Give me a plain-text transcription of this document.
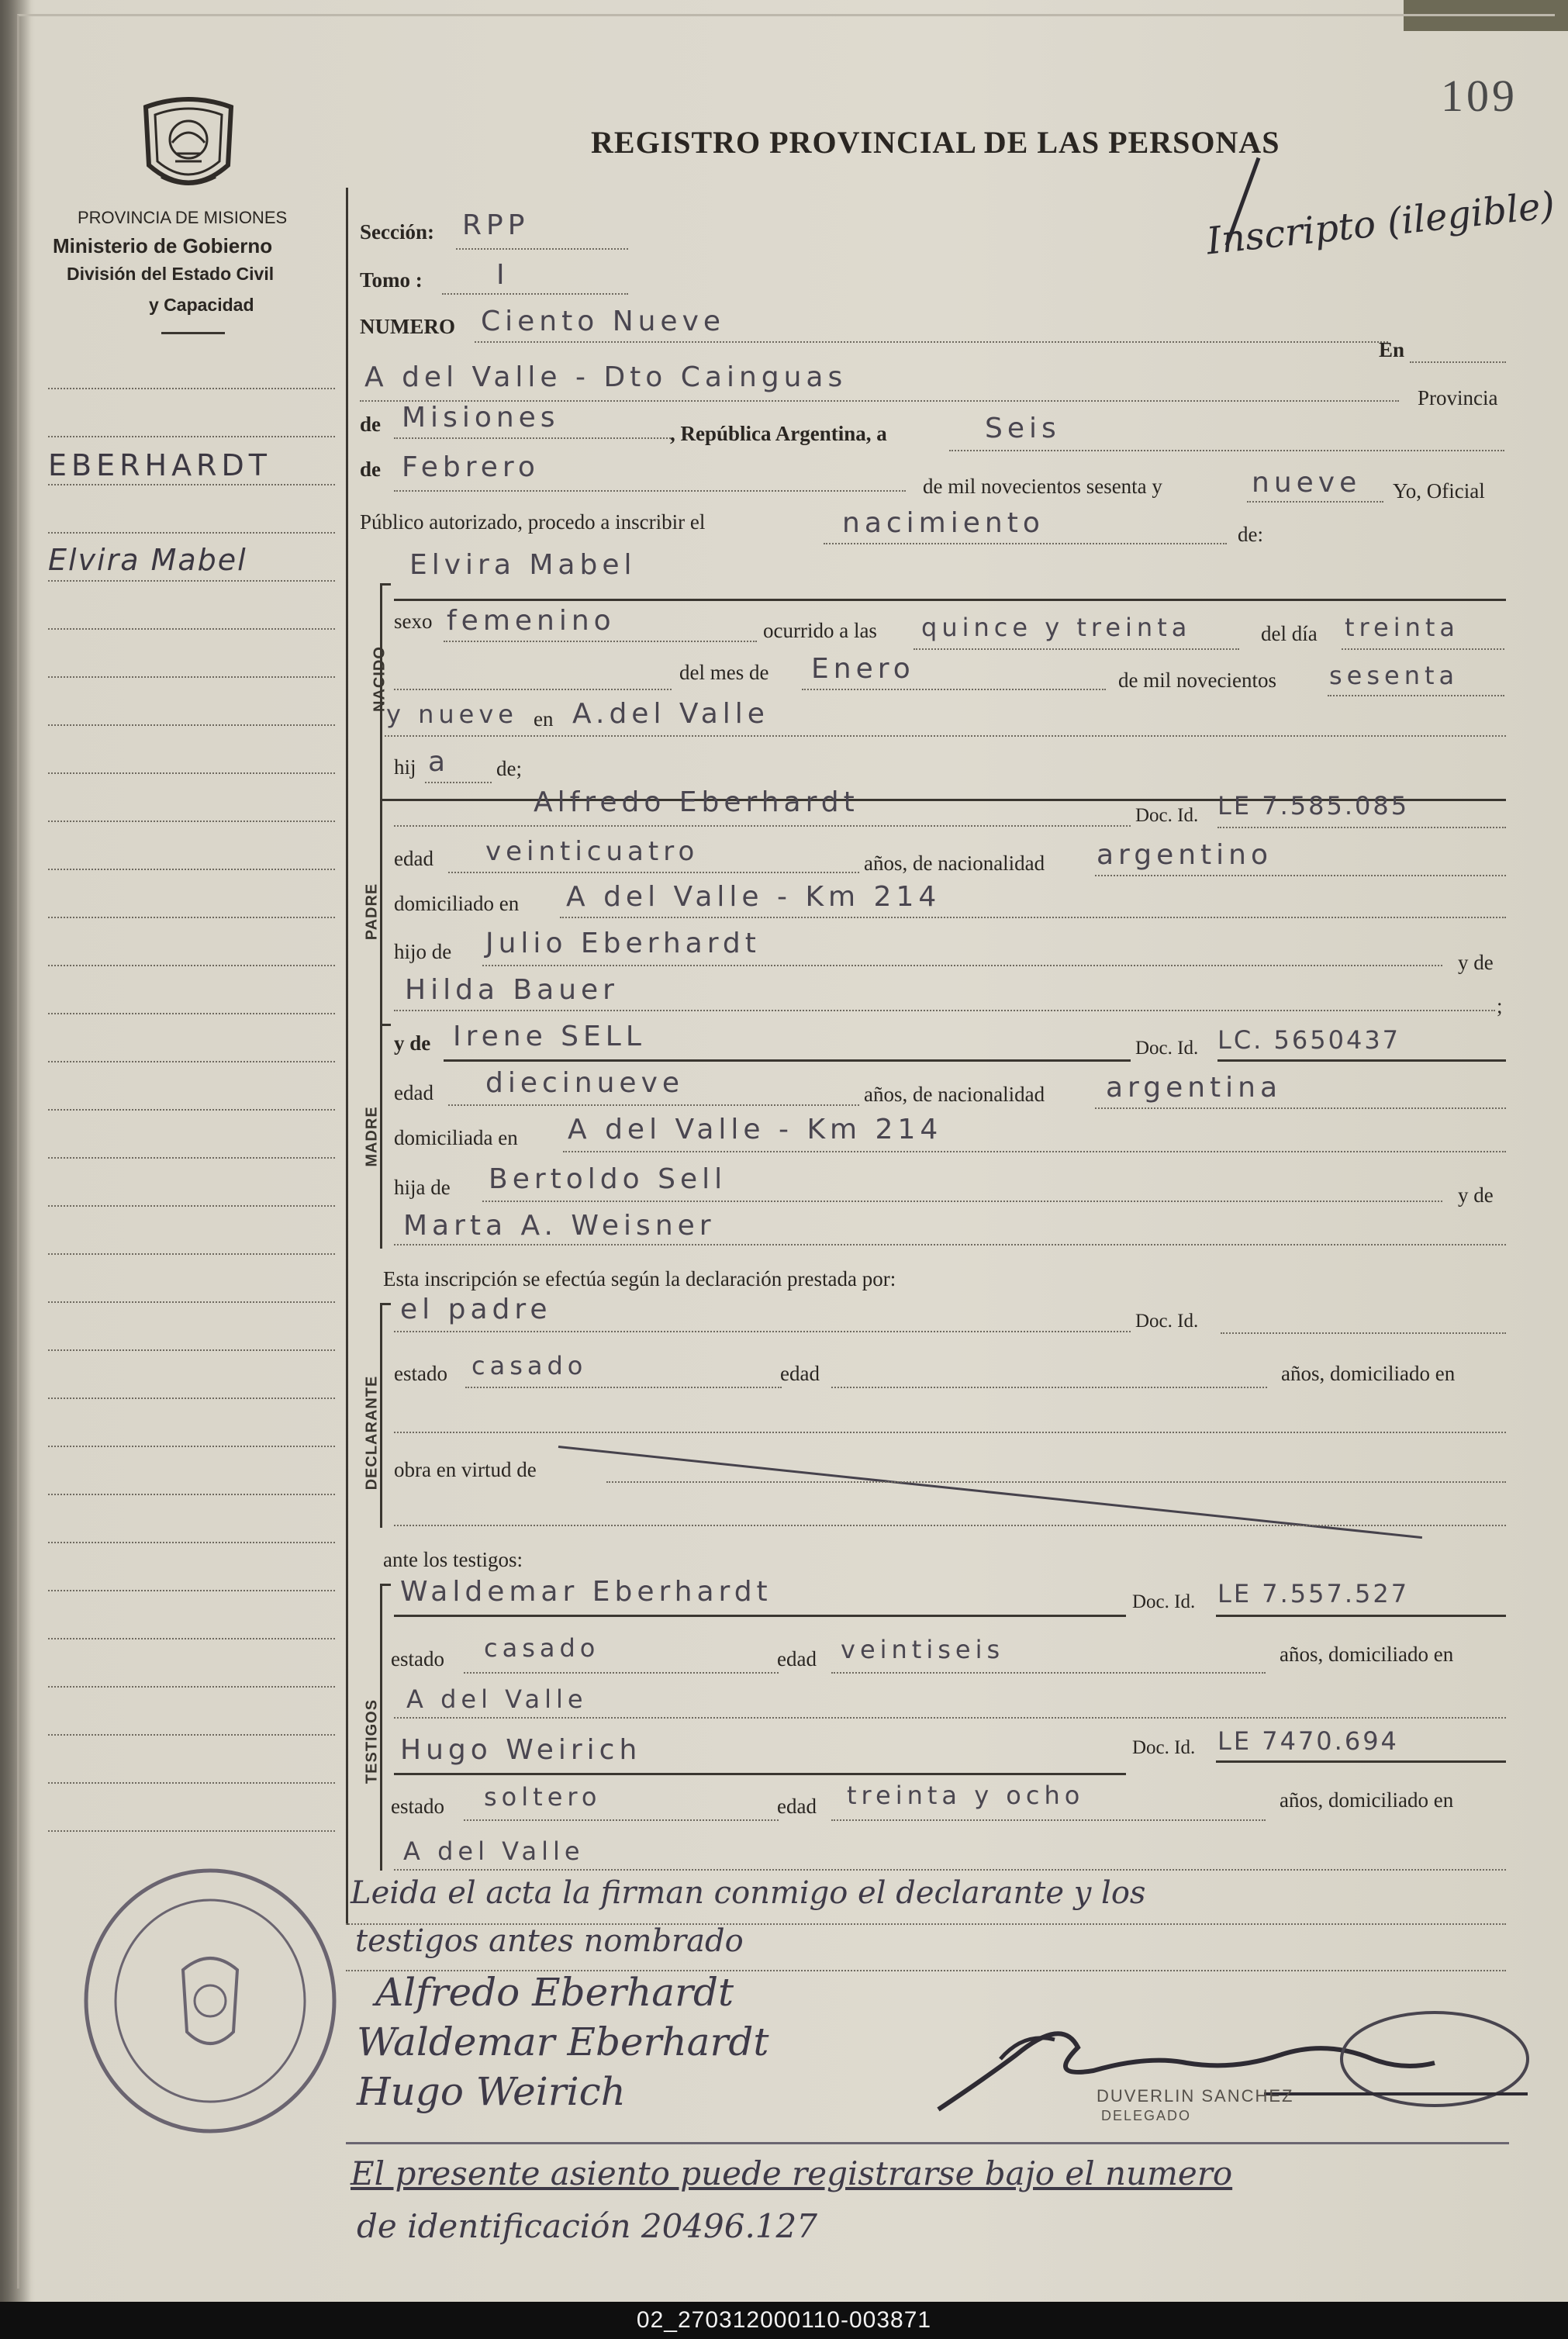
109
REGISTRO PROVINCIAL DE LAS PERSONAS
Inscripto (ilegible)
PROVINCIA DE MISIONES
Ministerio de Gobierno
División del Estado Civil
y Capacidad
EBERHARDT
Elvira Mabel
Sección: RPP
Tomo :	I
NUMERO Ciento Nueve
En
A del Valle - Dto Cainguas
Provincia
de Misiones	, República Argentina, a	Seis
de Febrero
de mil novecientos sesenta y	nueve Yo, Oficial
Público autorizado, procedo a inscribir el	nacimiento	de:
NACIDO
Elvira Mabel
sexo femenino	ocurrido a las quince y treinta	del día treinta
del mes de Enero	de mil novecientos sesenta
y nueve en A.del Valle
hij a de;
PADRE
Alfredo Eberhardt	Doc. Id. LE 7.585.085
edad veinticuatro	años, de nacionalidad argentino
domiciliado en A del Valle - Km 214
hijo de Julio Eberhardt
y de
Hilda Bauer	;
MADRE
y de Irene SELL	Doc. Id. LC. 5650437
edad diecinueve	años, de nacionalidad argentina
domiciliada en A del Valle - Km 214
hija de Bertoldo Sell	y de
Marta A. Weisner
Esta inscripción se efectúa según la declaración prestada por:
DECLARANTE
el padre	Doc. Id.
estado casado	edad	años, domiciliado en
obra en virtud de
ante los testigos:
TESTIGOS
Waldemar Eberhardt	Doc. Id. LE 7.557.527
estado casado	edad veintiseis	años, domiciliado en
A del Valle
Hugo Weirich	Doc. Id. LE 7470.694
estado soltero	edad treinta y ocho	años, domiciliado en
A del Valle
Leida el acta la firman conmigo el declarante y los
testigos antes nombrado
Alfredo Eberhardt
Waldemar Eberhardt
Hugo Weirich	DUVERLIN SANCHEZ
DELEGADO
El presente asiento puede registrarse bajo el numero
de identificación 20496.127
02_270312000110-003871
